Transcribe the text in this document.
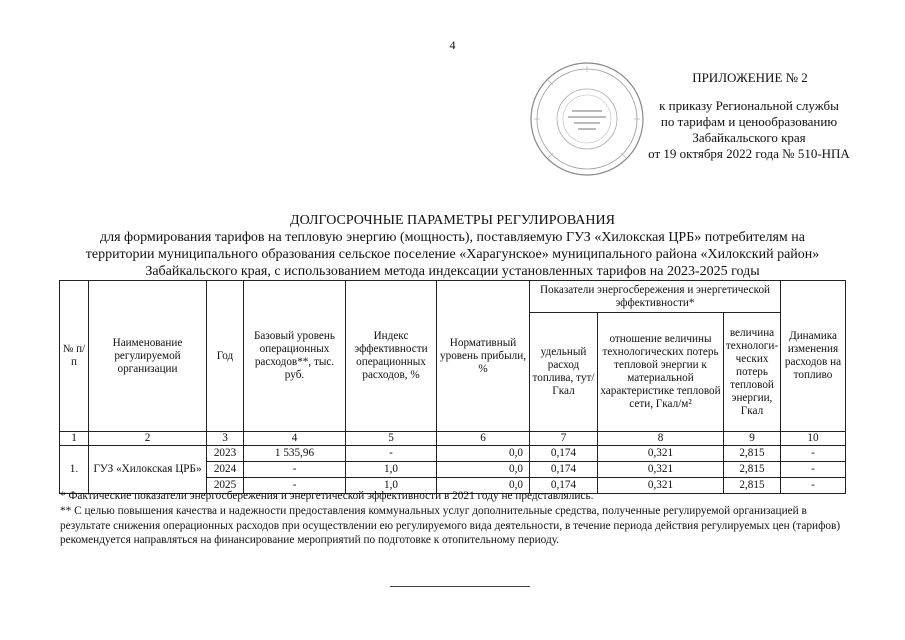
4
ПРИЛОЖЕНИЕ № 2
к приказу Региональной службы
по тарифам и ценообразованию
Забайкальского края
от 19 октября 2022 года № 510-НПА
ДОЛГОСРОЧНЫЕ ПАРАМЕТРЫ РЕГУЛИРОВАНИЯ
для формирования тарифов на тепловую энергию (мощность), поставляемую ГУЗ «Хилокская ЦРБ» потребителям на
территории муниципального образования сельское поселение «Харагунское» муниципального района «Хилокский район»
Забайкальского края, с использованием метода индексации установленных тарифов на 2023-2025 годы
№ п/п	Наименование регулируемой организации	Год	Базовый уровень операционных расходов**, тыс. руб.	Индекс эффективности операционных расходов, %	Нормативный уровень прибыли, %	Показатели энергосбережения и энергетической эффективности*			Динамика изменения расходов на топливо
						удельный расход топлива, тут/Гкал	отношение величины технологических потерь тепловой энергии к материальной характеристике тепловой сети, Гкал/м²	величина технологи-ческих потерь тепловой энергии, Гкал	
1	2	3	4	5	6	7	8	9	10
1.	ГУЗ «Хилокская ЦРБ»	2023	1 535,96	-	0,0	0,174	0,321	2,815	-
		2024	-	1,0	0,0	0,174	0,321	2,815	-
		2025	-	1,0	0,0	0,174	0,321	2,815	-
* Фактические показатели энергосбережения и энергетической эффективности в 2021 году не представлялись.
** С целью повышения качества и надежности предоставления коммунальных услуг дополнительные средства, полученные регулируемой организацией в результате снижения операционных расходов при осуществлении ею регулируемого вида деятельности, в течение периода действия регулируемых цен (тарифов) рекомендуется направляться на финансирование мероприятий по подготовке к отопительному периоду.
